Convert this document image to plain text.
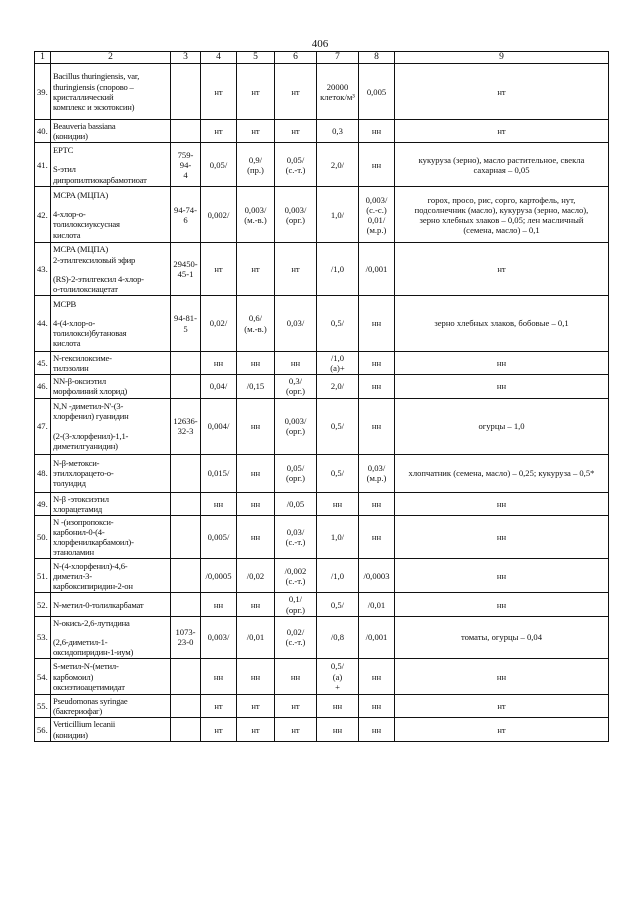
406
1	2	3	4	5	6	7	8	9
39.	Bacillus thuringiensis, var,
thuringiensis (спорово –
кристаллический
комплекс и экзотоксин)		нт	нт	нт	20000
клеток/м³	0,005	нт
40.	Beauveria bassiana
(конидии)		нт	нт	нт	0,3	нн	нт
41.	EPTC
S-этил
дипропилтиокарбамотиоат	759-94-
4	0,05/	0,9/
(пр.)	0,05/
(с.-т.)	2,0/	нн	кукуруза (зерно), масло растительное, свекла
сахарная – 0,05
42.	MCPA (МЦПА)
4-хлор-о-
толилоксиуксусная
кислота	94-74-6	0,002/	0,003/
(м.-в.)	0,003/
(орг.)	1,0/	0,003/
(с.-с.)
0,01/
(м.р.)	горох, просо, рис, сорго, картофель, нут,
подсолнечник (масло), кукуруза (зерно, масло),
зерно хлебных злаков – 0,05; лен масличный
(семена, масло) – 0,1
43.	MCPA (МЦПА)
2-этилгексиловый эфир
(RS)-2-этилгексил 4-хлор-
о-толилоксиацетат	29450-
45-1	нт	нт	нт	/1,0	/0,001	нт
44.	MCPB
4-(4-хлор-о-
толилокси)бутановая
кислота	94-81-5	0,02/	0,6/
(м.-в.)	0,03/	0,5/	нн	зерно хлебных злаков, бобовые – 0,1
45.	N-гексилоксиме-
тилэзолин		нн	нн	нн	/1,0
(а)+	нн	нн
46.	NN-β-оксиэтил
морфолиний хлорид)		0,04/	/0,15	0,3/
(орг.)	2,0/	нн	нн
47.	N,N -диметил-N'-(3-
хлорфенил) гуанидин
(2-(3-хлорфенил)-1,1-
диметилгуанидин)	12636-
32-3	0,004/	нн	0,003/
(орг.)	0,5/	нн	огурцы – 1,0
48.	N-β-метокси-
этилхлорацето-о-
толуидид		0,015/	нн	0,05/
(орг.)	0,5/	0,03/
(м.р.)	хлопчатник (семена, масло) – 0,25; кукуруза – 0,5*
49.	N-β -этоксиэтил
хлорацетамид		нн	нн	/0,05	нн	нн	нн
50.	N -(изопропокси-
карбонил-0-(4-
хлорфенилкарбамоил)-
этаноламин		0,005/	нн	0,03/
(с.-т.)	1,0/	нн	нн
51.	N-(4-хлорфенил)-4,6-
диметил-3-
карбоксипиридин-2-он		/0,0005	/0,02	/0,002
(с.-т.)	/1,0	/0,0003	нн
52.	N-метил-0-толилкарбамат		нн	нн	0,1/
(орг.)	0,5/	/0,01	нн
53.	N-окись-2,6-лутидина
(2,6-диметил-1-
оксидопиридин-1-иум)	1073-
23-0	0,003/	/0,01	0,02/
(с.-т.)	/0,8	/0,001	томаты, огурцы – 0,04
54.	S-метил-N-(метил-
карбомоил)
оксиэтиоацетимидат		нн	нн	нн	0,5/
(а)
+	нн	нн
55.	Pseudomonas syringae
(бактериофаг)		нт	нт	нт	нн	нн	нт
56.	Verticillium lecanii
(конидии)		нт	нт	нт	нн	нн	нт
